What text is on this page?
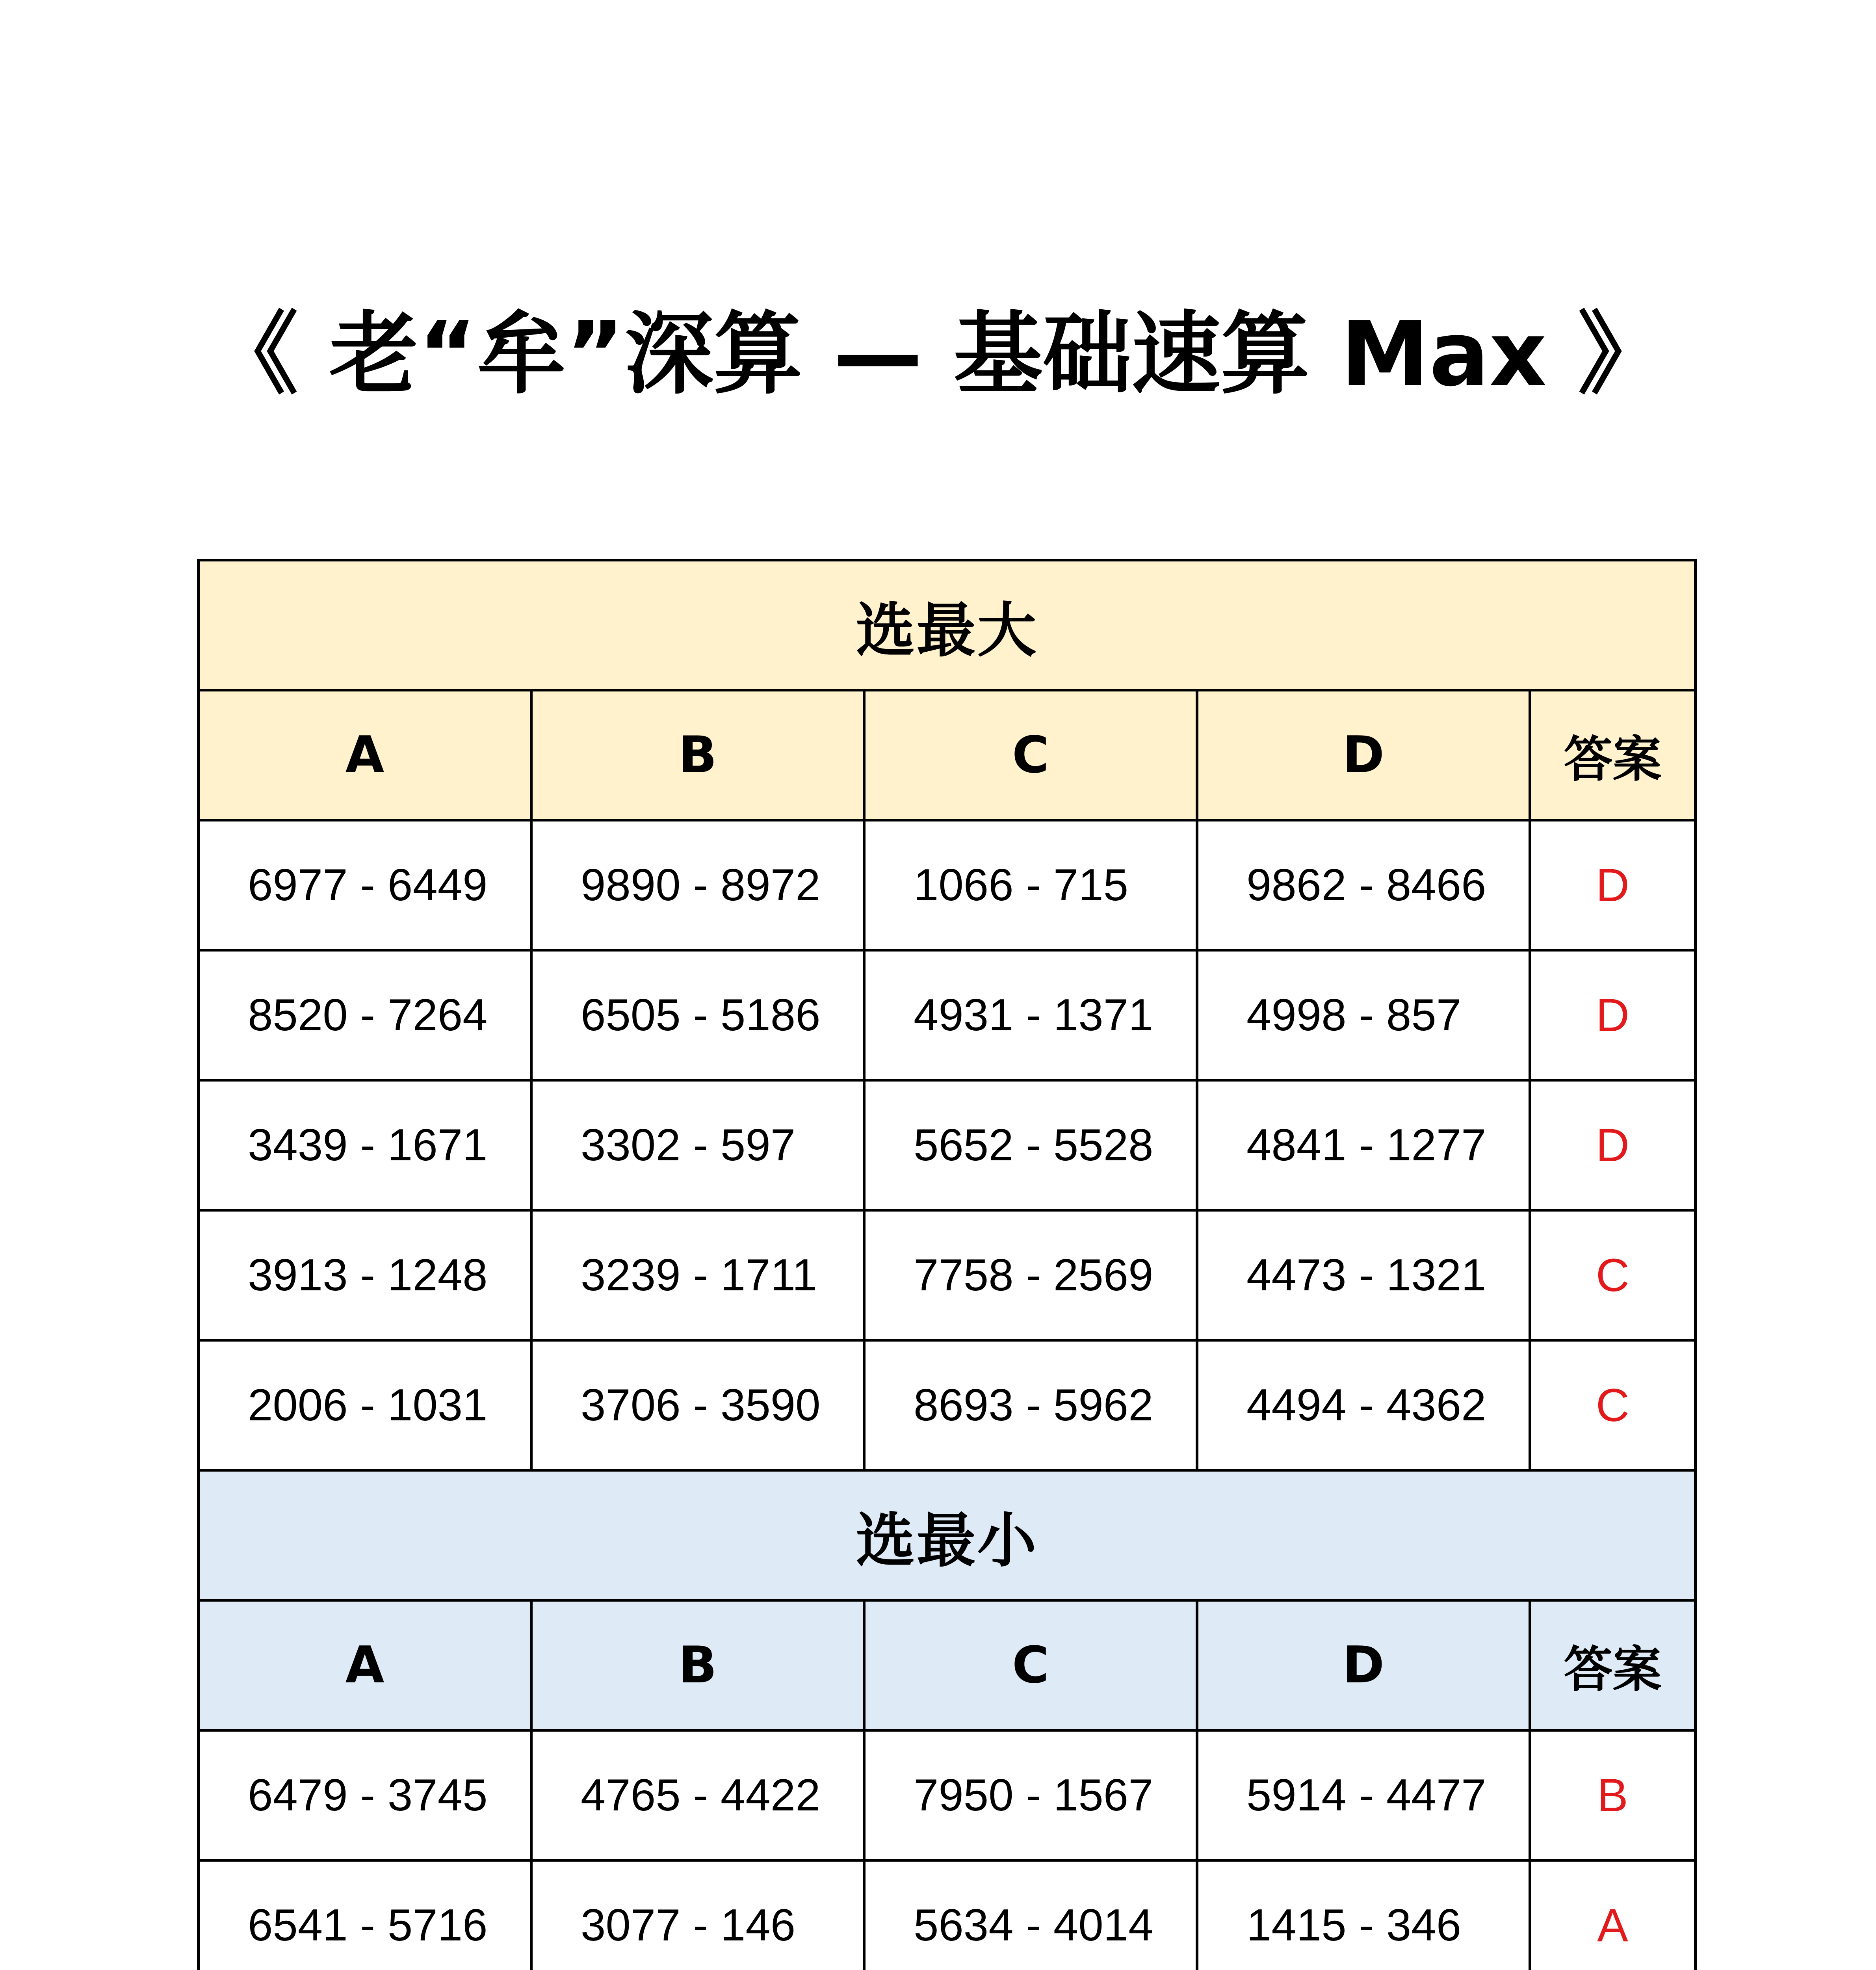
《 老“牟”深算 — 基础速算 Max 》
选最大				
A	B	C	D	答案
6977 - 6449	9890 - 8972	1066 - 715	9862 - 8466	D
8520 - 7264	6505 - 5186	4931 - 1371	4998 - 857	D
3439 - 1671	3302 - 597	5652 - 5528	4841 - 1277	D
3913 - 1248	3239 - 1711	7758 - 2569	4473 - 1321	C
2006 - 1031	3706 - 3590	8693 - 5962	4494 - 4362	C
选最小				
A	B	C	D	答案
6479 - 3745	4765 - 4422	7950 - 1567	5914 - 4477	B
6541 - 5716	3077 - 146	5634 - 4014	1415 - 346	A
